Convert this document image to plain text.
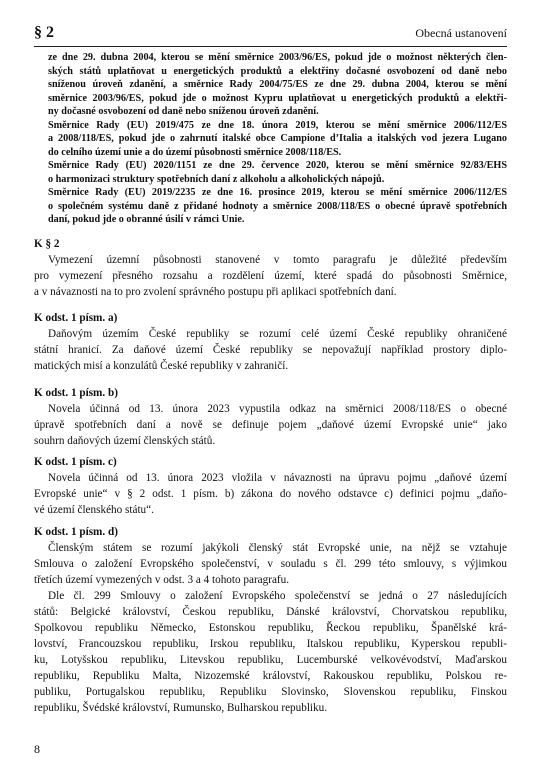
§ 2	Obecná ustanovení
ze dne 29. dubna 2004, kterou se mění směrnice 2003/96/ES, pokud jde o možnost některých člen-
ských států uplatňovat u energetických produktů a elektřiny dočasné osvobození od daně nebo
sníženou úroveň zdanění, a směrnice Rady 2004/75/ES ze dne 29. dubna 2004, kterou se mění
směrnice 2003/96/ES, pokud jde o možnost Kypru uplatňovat u energetických produktů a elektři-
ny dočasné osvobození od daně nebo sníženou úroveň zdanění.
Směrnice Rady (EU) 2019/475 ze dne 18. února 2019, kterou se mění směrnice 2006/112/ES
a 2008/118/ES, pokud jde o zahrnutí italské obce Campione d’Italia a italských vod jezera Lugano
do celního území unie a do území působnosti směrnice 2008/118/ES.
Směrnice Rady (EU) 2020/1151 ze dne 29. července 2020, kterou se mění směrnice 92/83/EHS
o harmonizaci struktury spotřebních daní z alkoholu a alkoholických nápojů.
Směrnice Rady (EU) 2019/2235 ze dne 16. prosince 2019, kterou se mění směrnice 2006/112/ES
o společném systému daně z přidané hodnoty a směrnice 2008/118/ES o obecné úpravě spotřebních
daní, pokud jde o obranné úsilí v rámci Unie.
K § 2
Vymezení územní působnosti stanovené v tomto paragrafu je důležité především
pro vymezení přesného rozsahu a rozdělení území, které spadá do působnosti Směrnice,
a v návaznosti na to pro zvolení správného postupu při aplikaci spotřebních daní.
K odst. 1 písm. a)
Daňovým územím České republiky se rozumí celé území České republiky ohraničené
státní hranicí. Za daňové území České republiky se nepovažují například prostory diplo-
matických misí a konzulátů České republiky v zahraničí.
K odst. 1 písm. b)
Novela účinná od 13. února 2023 vypustila odkaz na směrnici 2008/118/ES o obecné
úpravě spotřebních daní a nově se definuje pojem „daňové území Evropské unie“ jako
souhrn daňových území členských států.
K odst. 1 písm. c)
Novela účinná od 13. února 2023 vložila v návaznosti na úpravu pojmu „daňové území
Evropské unie“ v § 2 odst. 1 písm. b) zákona do nového odstavce c) definici pojmu „daňo-
vé území členského státu“.
K odst. 1 písm. d)
Členským státem se rozumí jakýkoli členský stát Evropské unie, na nějž se vztahuje
Smlouva o založení Evropského společenství, v souladu s čl. 299 této smlouvy, s výjimkou
třetích území vymezených v odst. 3 a 4 tohoto paragrafu.
Dle čl. 299 Smlouvy o založení Evropského společenství se jedná o 27 následujících
států: Belgické království, Českou republiku, Dánské království, Chorvatskou republiku,
Spolkovou republiku Německo, Estonskou republiku, Řeckou republiku, Španělské krá-
lovství, Francouzskou republiku, Irskou republiku, Italskou republiku, Kyperskou republi-
ku, Lotyšskou republiku, Litevskou republiku, Lucemburské velkovévodství, Maďarskou
republiku, Republiku Malta, Nizozemské království, Rakouskou republiku, Polskou re-
publiku, Portugalskou republiku, Republiku Slovinsko, Slovenskou republiku, Finskou
republiku, Švédské království, Rumunsko, Bulharskou republiku.
8
